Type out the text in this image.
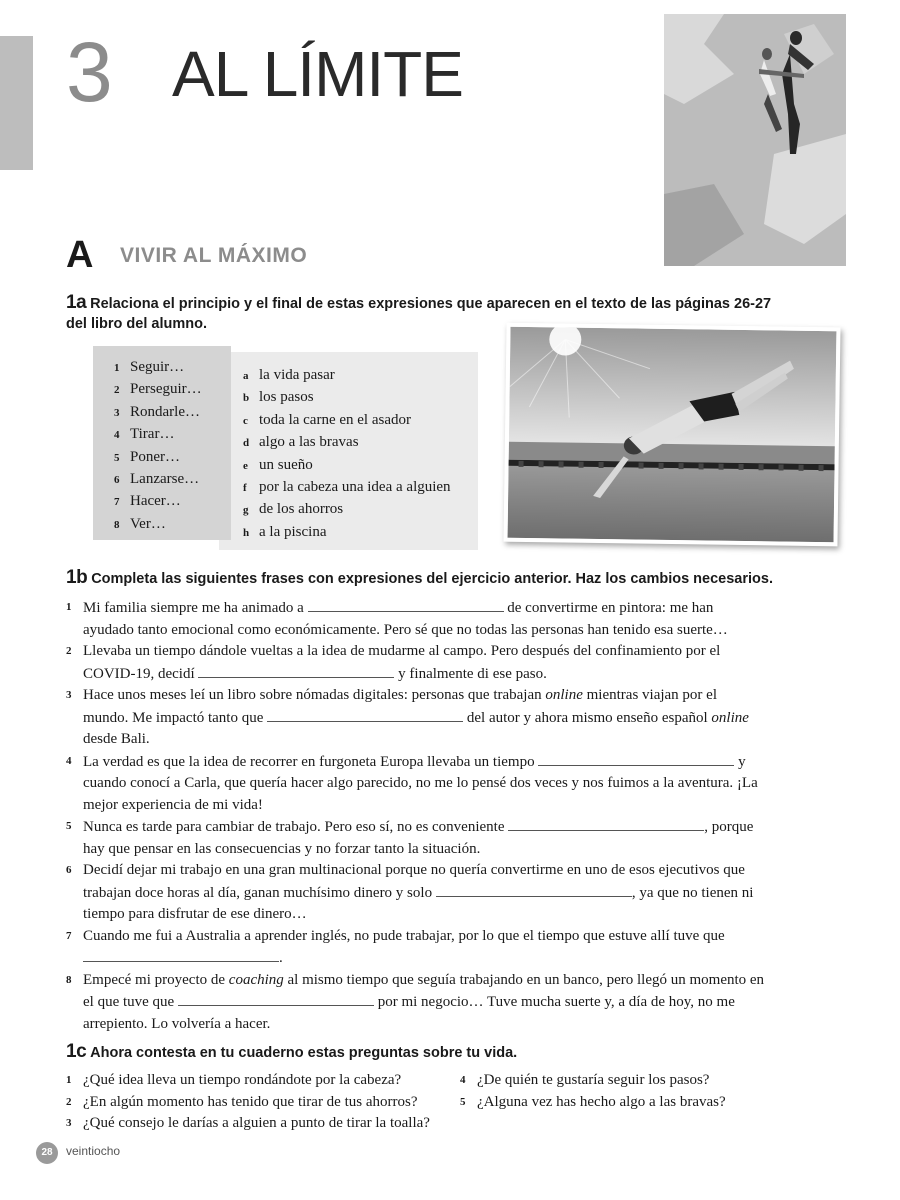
3 AL LÍMITE
A VIVIR AL MÁXIMO
1a Relaciona el principio y el final de estas expresiones que aparecen en el texto de las páginas 26-27 del libro del alumno.
1 Seguir…
2 Perseguir…
3 Rondarle…
4 Tirar…
5 Poner…
6 Lanzarse…
7 Hacer…
8 Ver…
a la vida pasar
b los pasos
c toda la carne en el asador
d algo a las bravas
e un sueño
f por la cabeza una idea a alguien
g de los ahorros
h a la piscina
1b Completa las siguientes frases con expresiones del ejercicio anterior. Haz los cambios necesarios.
1 Mi familia siempre me ha animado a	de convertirme en pintora: me han ayudado tanto emocional como económicamente. Pero sé que no todas las personas han tenido esa suerte…
2 Llevaba un tiempo dándole vueltas a la idea de mudarme al campo. Pero después del confinamiento por el COVID-19, decidí	y finalmente di ese paso.
3 Hace unos meses leí un libro sobre nómadas digitales: personas que trabajan online mientras viajan por el mundo. Me impactó tanto que	del autor y ahora mismo enseño español online desde Bali.
4 La verdad es que la idea de recorrer en furgoneta Europa llevaba un tiempo	y cuando conocí a Carla, que quería hacer algo parecido, no me lo pensé dos veces y nos fuimos a la aventura. ¡La mejor experiencia de mi vida!
5 Nunca es tarde para cambiar de trabajo. Pero eso sí, no es conveniente	, porque hay que pensar en las consecuencias y no forzar tanto la situación.
6 Decidí dejar mi trabajo en una gran multinacional porque no quería convertirme en uno de esos ejecutivos que trabajan doce horas al día, ganan muchísimo dinero y solo	, ya que no tienen ni tiempo para disfrutar de ese dinero…
7 Cuando me fui a Australia a aprender inglés, no pude trabajar, por lo que el tiempo que estuve allí tuve que .
8 Empecé mi proyecto de coaching al mismo tiempo que seguía trabajando en un banco, pero llegó un momento en el que tuve que	por mi negocio… Tuve mucha suerte y, a día de hoy, no me arrepiento. Lo volvería a hacer.
1c Ahora contesta en tu cuaderno estas preguntas sobre tu vida.
1 ¿Qué idea lleva un tiempo rondándote por la cabeza?
2 ¿En algún momento has tenido que tirar de tus ahorros?
3 ¿Qué consejo le darías a alguien a punto de tirar la toalla?
4 ¿De quién te gustaría seguir los pasos?
5 ¿Alguna vez has hecho algo a las bravas?
28	veintiocho
